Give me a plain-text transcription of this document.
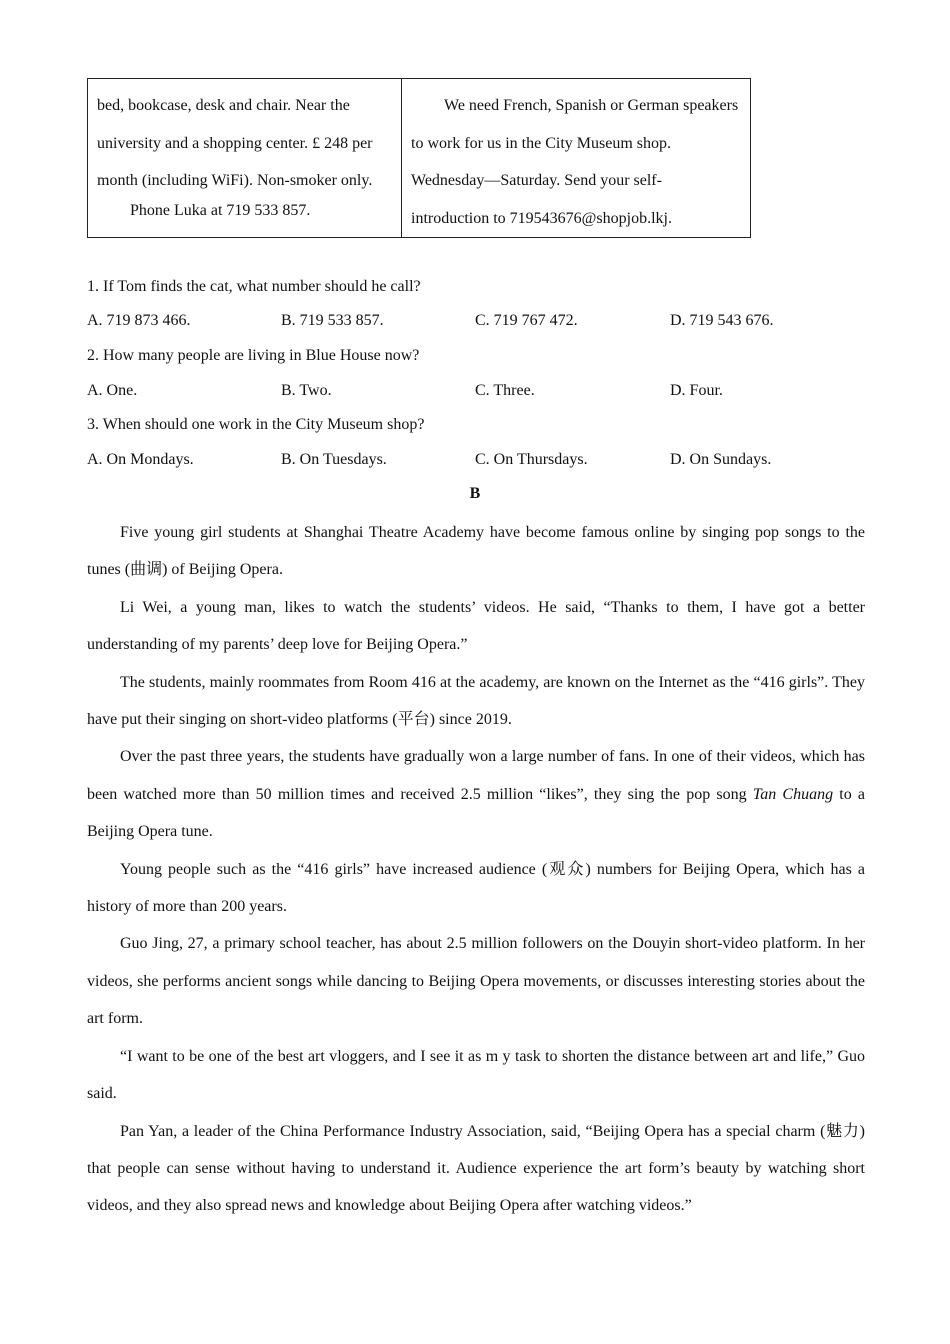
bed, bookcase, desk and chair. Near the university and a shopping center. £ 248 per month (including WiFi). Non-smoker only.

Phone Luka at 719 533 857.

We need French, Spanish or German speakers to work for us in the City Museum shop. Wednesday—Saturday. Send your self-introduction to 719543676@shopjob.lkj.

1. If Tom finds the cat, what number should he call?
A. 719 873 466.	B. 719 533 857.	C. 719 767 472.	D. 719 543 676.
2. How many people are living in Blue House now?
A. One.	B. Two.	C. Three.	D. Four.
3. When should one work in the City Museum shop?
A. On Mondays.	B. On Tuesdays.	C. On Thursdays.	D. On Sundays.
B

Five young girl students at Shanghai Theatre Academy have become famous online by singing pop songs to the tunes (曲调) of Beijing Opera.

Li Wei, a young man, likes to watch the students’ videos. He said, “Thanks to them, I have got a better understanding of my parents’ deep love for Beijing Opera.”

The students, mainly roommates from Room 416 at the academy, are known on the Internet as the “416 girls”. They have put their singing on short-video platforms (平台) since 2019.

Over the past three years, the students have gradually won a large number of fans. In one of their videos, which has been watched more than 50 million times and received 2.5 million “likes”, they sing the pop song Tan Chuang to a Beijing Opera tune.

Young people such as the “416 girls” have increased audience (观众) numbers for Beijing Opera, which has a history of more than 200 years.

Guo Jing, 27, a primary school teacher, has about 2.5 million followers on the Douyin short-video platform. In her videos, she performs ancient songs while dancing to Beijing Opera movements, or discusses interesting stories about the art form.

“I want to be one of the best art vloggers, and I see it as m y task to shorten the distance between art and life,” Guo said.

Pan Yan, a leader of the China Performance Industry Association, said, “Beijing Opera has a special charm (魅力) that people can sense without having to understand it. Audience experience the art form’s beauty by watching short videos, and they also spread news and knowledge about Beijing Opera after watching videos.”
